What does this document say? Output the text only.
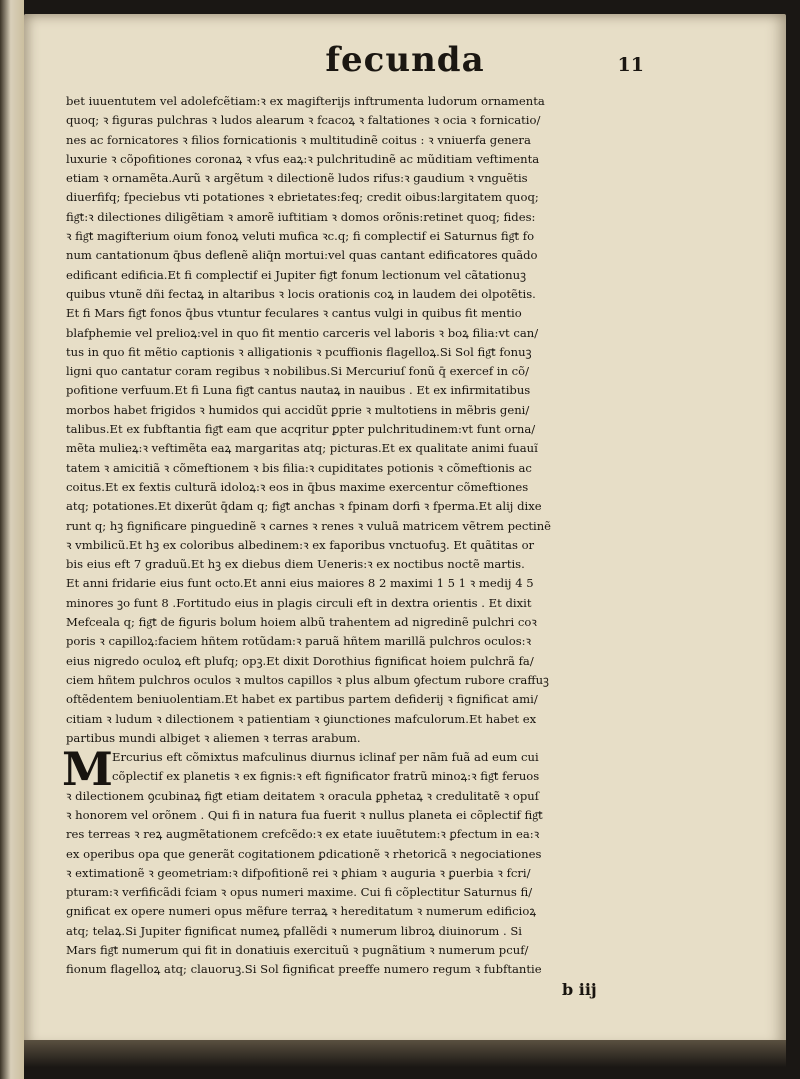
fecunda	11
bet iuuentutem vel adolefcẽtiam:ꝛ ex magifterijs inftrumenta ludorum ornamenta
quoq; ꝛ figuras pulchras ꝛ ludos alearum ꝛ fcacoꝝ ꝛ faltationes ꝛ ocia ꝛ fornicatio/
nes ac fornicatores ꝛ filios fornicationis ꝛ multitudinẽ coitus : ꝛ vniuerfa genera
luxurie ꝛ cõpofitiones coronaꝝ ꝛ vfus eaꝝ:ꝛ pulchritudinẽ ac mũditiam veftimenta
etiam ꝛ ornamẽta.Aurũ ꝛ argẽtum ꝛ dilectionẽ ludos rifus:ꝛ gaudium ꝛ vnguẽtis
diuerfifq; fpeciebus vti potationes ꝛ ebrietates:feq; credit oibus:largitatem quoq;
fig͞t:ꝛ dilectiones diligẽtiam ꝛ amorẽ iuftitiam ꝛ domos orõnis:retinet quoq; fides:
ꝛ fig͞t magifterium oium fonoꝝ veluti mufica ꝛc.q; fi complectif ei Saturnus fig͞t fo
num cantationum q̄bus deflenẽ aliq̄n mortui:vel quas cantant edificatores quãdo
edificant edificia.Et fi complectif ei Jupiter fig͞t fonum lectionum vel cãtationuꝫ
quibus vtunẽ dñi fectaꝝ in altaribus ꝛ locis orationis coꝝ in laudem dei olpotẽtis.
Et fi Mars fig͞t fonos q̄bus vtuntur feculares ꝛ cantus vulgi in quibus fit mentio
blafphemie vel prelioꝝ:vel in quo fit mentio carceris vel laboris ꝛ boꝝ filia:vt can/
tus in quo fit mẽtio captionis ꝛ alligationis ꝛ pcuffionis flagelloꝝ.Si Sol fig͞t fonuꝫ
ligni quo cantatur coram regibus ꝛ nobilibus.Si Mercuriuſ fonũ q̄ exercef in cõ/
pofitione verfuum.Et fi Luna fig͞t cantus nautaꝝ in nauibus . Et ex infirmitatibus
morbos habet frigidos ꝛ humidos qui accidũt ꝑprie ꝛ multotiens in mẽbris geni/
talibus.Et ex fubftantia fig͞t eam que acqritur ꝑpter pulchritudinem:vt funt orna/
mẽta mulieꝝ:ꝛ veftimẽta eaꝝ margaritas atq; picturas.Et ex qualitate animi fuauĩ
tatem ꝛ amicitiã ꝛ cõmeftionem ꝛ bis filia:ꝛ cupiditates potionis ꝛ cõmeftionis ac
coitus.Et ex fextis culturã idoloꝝ:ꝛ eos in q̄bus maxime exercentur cõmeftiones
atq; potationes.Et dixerũt q̄dam q; fig͞t anchas ꝛ fpinam dorfi ꝛ fperma.Et alij dixe
runt q; hꝫ fignificare pinguedinẽ ꝛ carnes ꝛ renes ꝛ vuluã matricem vẽtrem pectinẽ
ꝛ vmbilicũ.Et hꝫ ex coloribus albedinem:ꝛ ex faporibus vnctuofuꝫ. Et quãtitas or
bis eius eft 7 graduũ.Et hꝫ ex diebus diem Ueneris:ꝛ ex noctibus noctẽ martis.
Et anni fridarie eius funt octo.Et anni eius maiores 8 2 maximi 1 5 1 ꝛ medij 4 5
minores ꝫo funt 8 .Fortitudo eius in plagis circuli eft in dextra orientis . Et dixit
Mefceala q; fig͞t de figuris bolum hoiem albũ trahentem ad nigredinẽ pulchri coꝛ
poris ꝛ capilloꝝ:faciem hñtem rotũdam:ꝛ paruã hñtem marillã pulchros oculos:ꝛ
eius nigredo oculoꝝ eft plufq; opꝫ.Et dixit Dorothius fignificat hoiem pulchrã fa/
ciem hñtem pulchros oculos ꝛ multos capillos ꝛ plus album ꝯfectum rubore craffuꝫ
oftẽdentem beniuolentiam.Et habet ex partibus partem defiderij ꝛ fignificat ami/
citiam ꝛ ludum ꝛ dilectionem ꝛ patientiam ꝛ ꝯiunctiones mafculorum.Et habet ex
partibus mundi albiget ꝛ aliemen ꝛ terras arabum.
M Ercurius eft cõmixtus mafculinus diurnus iclinaf per nãm fuã ad eum cui
cõplectif ex planetis ꝛ ex fignis:ꝛ eft fignificator fratrũ minoꝝ:ꝛ fig͞t feruos
ꝛ dilectionem ꝯcubinaꝝ fig͞t etiam deitatem ꝛ oracula ꝑphetaꝝ ꝛ credulitatẽ ꝛ opuſ
ꝛ honorem vel orõnem . Qui fi in natura fua fuerit ꝛ nullus planeta ei cõplectif fig͞t
res terreas ꝛ reꝝ augmẽtationem crefcẽdo:ꝛ ex etate iuuẽtutem:ꝛ ꝑfectum in ea:ꝛ
ex operibus opa que generãt cogitationem ꝑdicationẽ ꝛ rhetoricã ꝛ negociationes
ꝛ extimationẽ ꝛ geometriam:ꝛ difpofitionẽ rei ꝛ ꝑhiam ꝛ auguria ꝛ ꝑuerbia ꝛ fcri/
pturam:ꝛ verfificãdi fciam ꝛ opus numeri maxime. Cui fi cõplectitur Saturnus fi/
gnificat ex opere numeri opus mẽfure terraꝝ ꝛ hereditatum ꝛ numerum edificioꝝ
atq; telaꝝ.Si Jupiter fignificat numeꝝ pfallẽdi ꝛ numerum libroꝝ diuinorum . Si
Mars fig͞t numerum qui fit in donatiuis exercituũ ꝛ pugnãtium ꝛ numerum pcuf/
fionum flagelloꝝ atq; clauoruꝫ.Si Sol fignificat preeffe numero regum ꝛ fubftantie
b iij
